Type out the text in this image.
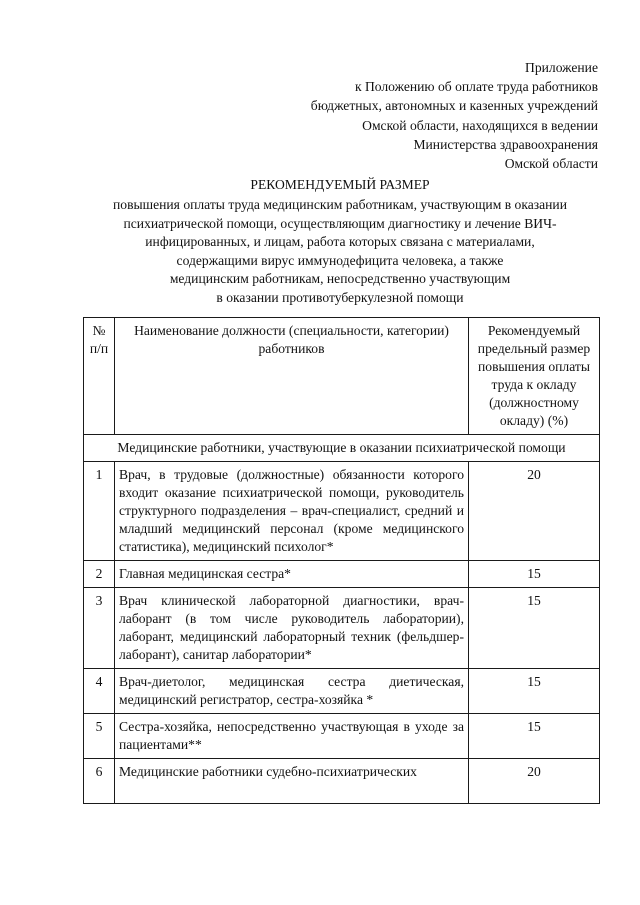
Приложение
к Положению об оплате труда работников
бюджетных, автономных и казенных учреждений
Омской области, находящихся в ведении
Министерства здравоохранения
Омской области
РЕКОМЕНДУЕМЫЙ РАЗМЕР
повышения оплаты труда медицинским работникам, участвующим в оказании
психиатрической помощи, осуществляющим диагностику и лечение ВИЧ-
инфицированных, и лицам, работа которых связана с материалами,
содержащими вирус иммунодефицита человека, а также
медицинским работникам, непосредственно участвующим
в оказании противотуберкулезной помощи
№ п/п	Наименование должности (специальности, категории) работников	Рекомендуемый предельный размер повышения оплаты труда к окладу (должностному окладу) (%)
Медицинские работники, участвующие в оказании психиатрической помощи		
1	Врач, в трудовые (должностные) обязанности которого входит оказание психиатрической помощи, руководитель структурного подразделения – врач-специалист, средний и младший медицинский персонал (кроме медицинского статистика), медицинский психолог*	20
2	Главная медицинская сестра*	15
3	Врач клинической лабораторной диагностики, врач-лаборант (в том числе руководитель лаборатории), лаборант, медицинский лабораторный техник (фельдшер-лаборант), санитар лаборатории*	15
4	Врач-диетолог, медицинская сестра диетическая, медицинский регистратор, сестра-хозяйка *	15
5	Сестра-хозяйка, непосредственно участвующая в уходе за пациентами**	15
6	Медицинские работники судебно-психиатрических	20
